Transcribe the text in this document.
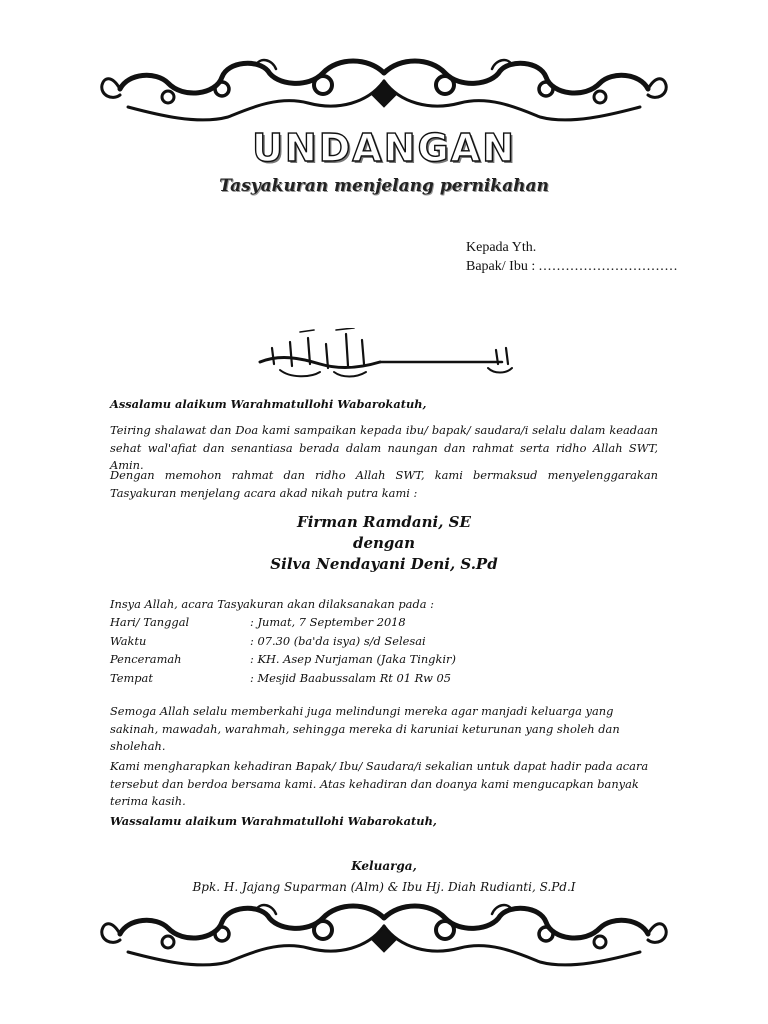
UNDANGAN
Tasyakuran menjelang pernikahan
Kepada Yth.
Bapak/ Ibu : ...............................
Assalamu alaikum Warahmatullohi Wabarokatuh,
Teiring shalawat dan Doa kami sampaikan kepada ibu/ bapak/ saudara/i selalu dalam keadaan sehat wal'afiat dan senantiasa berada dalam naungan dan rahmat serta ridho Allah SWT, Amin.
Dengan memohon rahmat dan ridho Allah SWT, kami bermaksud menyelenggarakan Tasyakuran menjelang acara akad nikah putra kami :
Firman Ramdani, SE
dengan
Silva Nendayani Deni, S.Pd
Insya Allah, acara Tasyakuran akan dilaksanakan pada :
Hari/ Tanggal	: Jumat, 7 September 2018
Waktu	: 07.30 (ba'da isya) s/d Selesai
Penceramah	: KH. Asep Nurjaman (Jaka Tingkir)
Tempat	: Mesjid Baabussalam Rt 01 Rw 05
Semoga Allah selalu memberkahi juga melindungi mereka agar manjadi keluarga yang sakinah, mawadah, warahmah, sehingga mereka di karuniai keturunan yang sholeh dan sholehah.
Kami mengharapkan kehadiran Bapak/ Ibu/ Saudara/i sekalian untuk dapat hadir pada acara tersebut dan berdoa bersama kami. Atas kehadiran dan doanya kami mengucapkan banyak terima kasih.
Wassalamu alaikum Warahmatullohi Wabarokatuh,
Keluarga,
Bpk. H. Jajang Suparman (Alm) & Ibu Hj. Diah Rudianti, S.Pd.I
